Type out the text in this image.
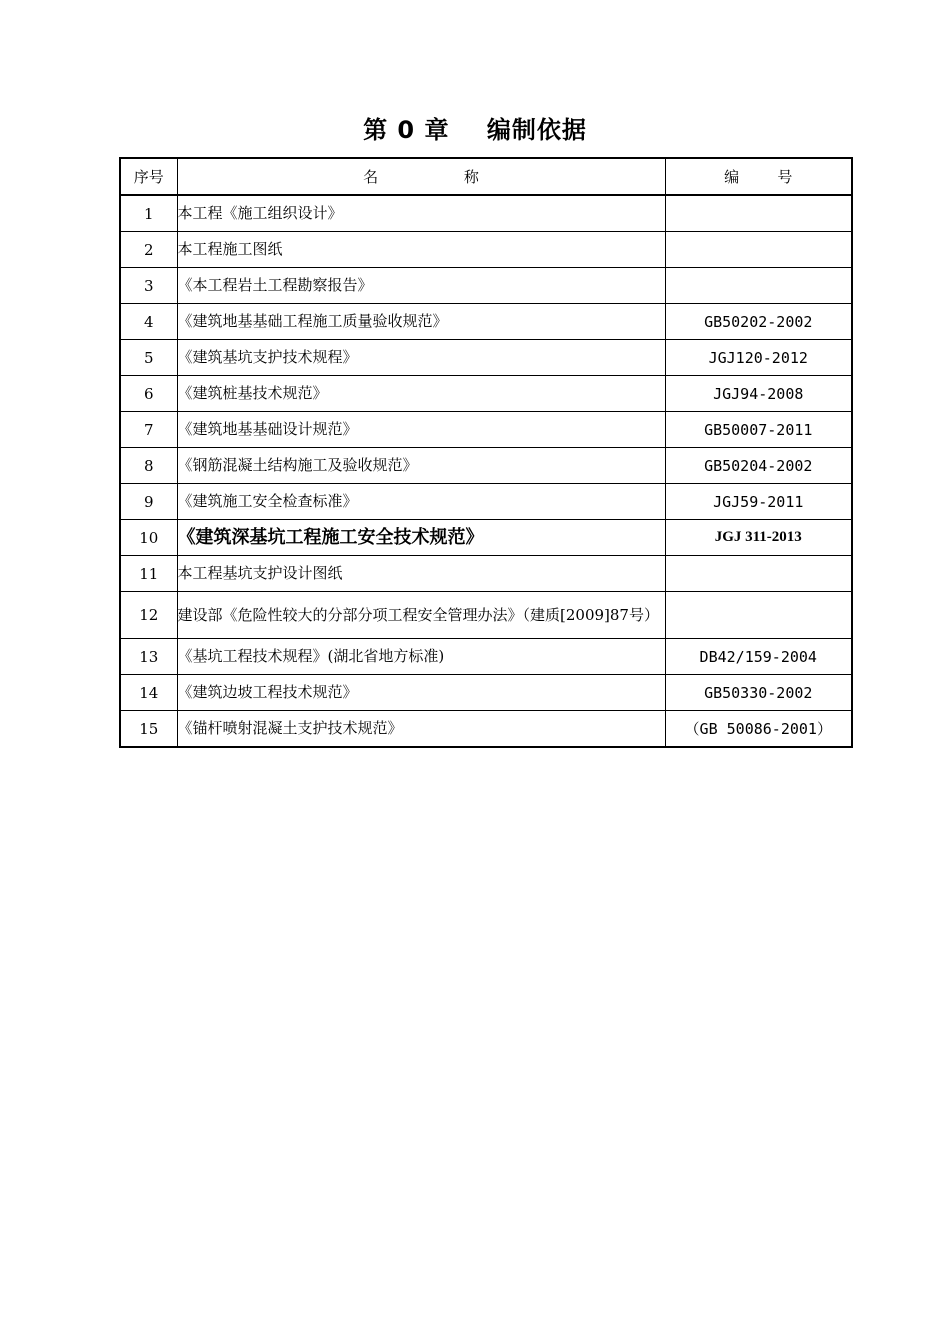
第 0 章    编制依据
序号	名                  称	编        号
1	本工程《施工组织设计》	
2	本工程施工图纸	
3	《本工程岩土工程勘察报告》	
4	《建筑地基基础工程施工质量验收规范》	GB50202-2002
5	《建筑基坑支护技术规程》	JGJ120-2012
6	《建筑桩基技术规范》	JGJ94-2008
7	《建筑地基基础设计规范》	GB50007-2011
8	《钢筋混凝土结构施工及验收规范》	GB50204-2002
9	《建筑施工安全检查标准》	JGJ59-2011
10	《建筑深基坑工程施工安全技术规范》	JGJ 311-2013
11	本工程基坑支护设计图纸	
12	建设部《危险性较大的分部分项工程安全管理办法》（建质[2009]87号）	
13	《基坑工程技术规程》(湖北省地方标准)	DB42/159-2004
14	《建筑边坡工程技术规范》	GB50330-2002
15	《锚杆喷射混凝土支护技术规范》	（GB 50086-2001）
